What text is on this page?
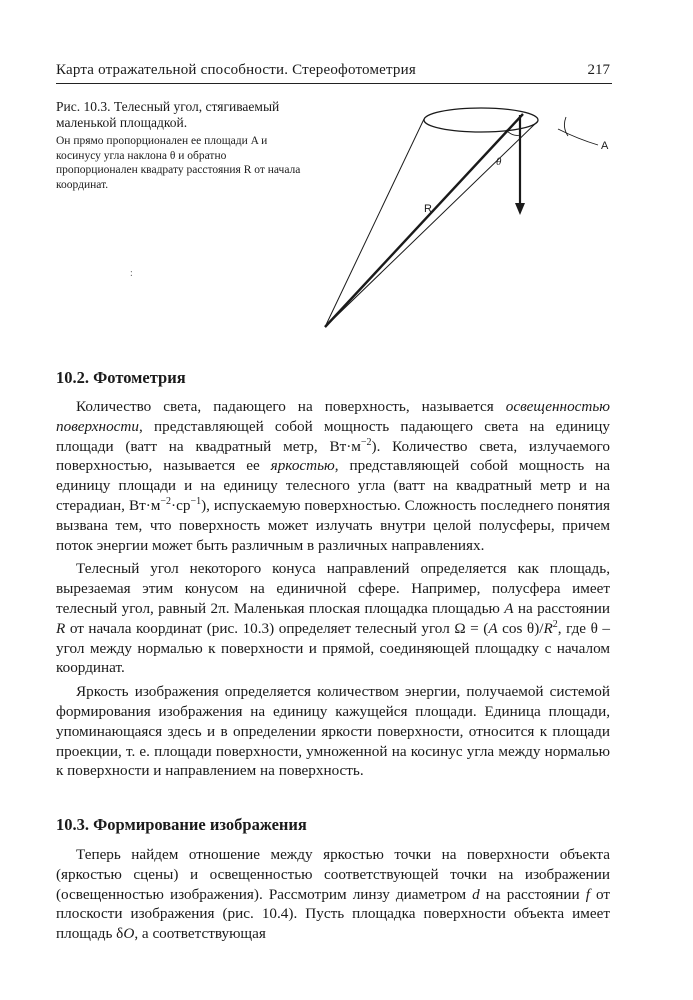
Карта отражательной способности. Стереофотометрия	217

Рис. 10.3. Телесный угол, стягиваемый маленькой площадкой.

Он прямо пропорционален ее площади A и косинусу угла наклона θ и обратно пропорционален квадрату расстояния R от начала координат.

A
θ
R
:
10.2. Фотометрия

Количество света, падающего на поверхность, называется освещенностью поверхности, представляющей собой мощность падающего света на единицу площади (ватт на квадратный метр, $Вт\cdot м^{-2}$). Количество света, излучаемого поверхностью, называется ее яркостью, представляющей собой мощность на единицу площади и на единицу телесного угла (ватт на квадратный метр и на стерадиан, $Вт\cdot м^{-2}\cdot ср^{-1}$), испускаемую поверхностью. Сложность последнего понятия вызвана тем, что поверхность может излучать внутри целой полусферы, причем поток энергии может быть различным в различных направлениях.

Телесный угол некоторого конуса направлений определяется как площадь, вырезаемая этим конусом на единичной сфере. Например, полусфера имеет телесный угол, равный 2π. Маленькая плоская площадка площадью A на расстоянии R от начала координат (рис. 10.3) определяет телесный угол Ω = (A $\cos \theta)/R^2$, где θ – угол между нормалью к поверхности и прямой, соединяющей площадку с началом координат.

Яркость изображения определяется количеством энергии, получаемой системой формирования изображения на единицу кажущейся площади. Единица площади, упоминающаяся здесь и в определении яркости поверхности, относится к площади проекции, т. е. площади поверхности, умноженной на косинус угла между нормалью к поверхности и направлением на поверхность.

10.3. Формирование изображения

Теперь найдем отношение между яркостью точки на поверхности объекта (яркостью сцены) и освещенностью соответствующей точки на изображении (освещенностью изображения). Рассмотрим линзу диаметром d на расстоянии f от плоскости изображения (рис. 10.4). Пусть площадка поверхности объекта имеет площадь δO, а соответствующая
